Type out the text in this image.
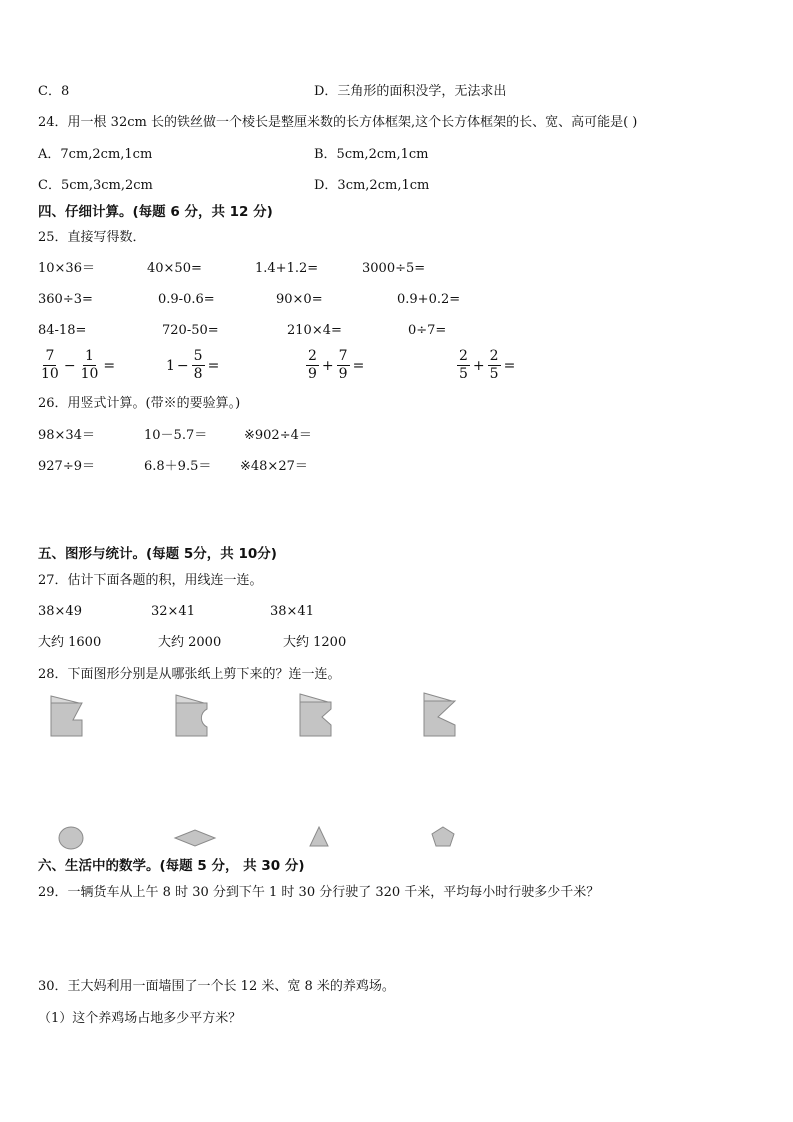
C．8	D．三角形的面积没学，无法求出
24．用一根 32cm 长的铁丝做一个棱长是整厘米数的长方体框架,这个长方体框架的长、宽、高可能是( )
A．7cm,2cm,1cm	B．5cm,2cm,1cm
C．5cm,3cm,2cm	D．3cm,2cm,1cm
四、仔细计算。(每题 6 分，共 12 分)
25．直接写得数．
10×36＝	40×50=	1.4+1.2=	3000÷5=
360÷3=	0.9-0.6=	90×0=	0.9+0.2=
84-18=	720-50=	210×4=	0÷7=
$\frac{7}{10} - \frac{1}{10}$ =	$1 - \frac{5}{8}$ =	$\frac{2}{9} + \frac{7}{9}$ =	$\frac{2}{5} + \frac{2}{5}$ =
26．用竖式计算。(带※的要验算。)
98×34＝	10－5.7＝	※902÷4＝
927÷9＝	6.8＋9.5＝ ※48×27＝
五、图形与统计。(每题 5分，共 10分)
27．估计下面各题的积，用线连一连。
38×49	32×41	38×41
大约 1600	大约 2000	大约 1200
28．下面图形分别是从哪张纸上剪下来的？连一连。
六、生活中的数学。(每题 5 分， 共 30 分)
29．一辆货车从上午 8 时 30 分到下午 1 时 30 分行驶了 320 千米，平均每小时行驶多少千米？
30．王大妈利用一面墙围了一个长 12 米、宽 8 米的养鸡场。
（1）这个养鸡场占地多少平方米？
